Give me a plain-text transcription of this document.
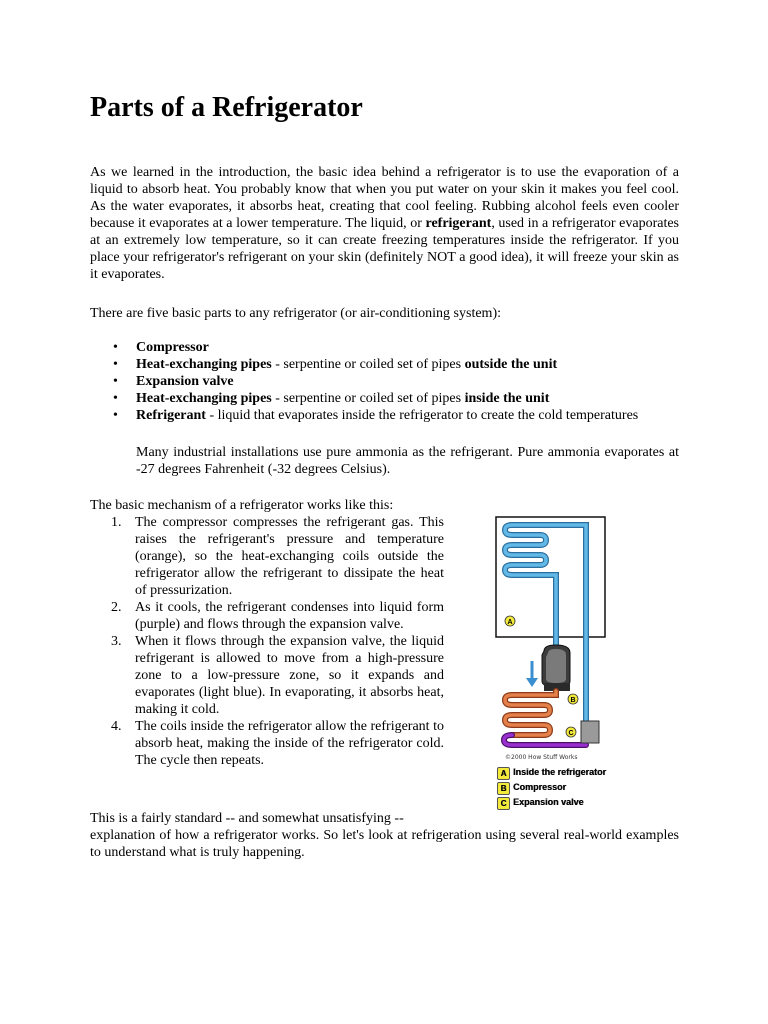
Parts of a Refrigerator

As we learned in the introduction, the basic idea behind a refrigerator is to use the evaporation of a liquid to absorb heat. You probably know that when you put water on your skin it makes you feel cool. As the water evaporates, it absorbs heat, creating that cool feeling. Rubbing alcohol feels even cooler because it evaporates at a lower temperature. The liquid, or refrigerant, used in a refrigerator evaporates at an extremely low temperature, so it can create freezing temperatures inside the refrigerator. If you place your refrigerator's refrigerant on your skin (definitely NOT a good idea), it will freeze your skin as it evaporates.

There are five basic parts to any refrigerator (or air-conditioning system):

• Compressor
• Heat-exchanging pipes - serpentine or coiled set of pipes outside the unit
• Expansion valve
• Heat-exchanging pipes - serpentine or coiled set of pipes inside the unit
• Refrigerant - liquid that evaporates inside the refrigerator to create the cold temperatures

Many industrial installations use pure ammonia as the refrigerant. Pure ammonia evaporates at -27 degrees Fahrenheit (-32 degrees Celsius).

The basic mechanism of a refrigerator works like this:

1. The compressor compresses the refrigerant gas. This raises the refrigerant's pressure and temperature (orange), so the heat-exchanging coils outside the refrigerator allow the refrigerant to dissipate the heat of pressurization.
2. As it cools, the refrigerant condenses into liquid form (purple) and flows through the expansion valve.
3. When it flows through the expansion valve, the liquid refrigerant is allowed to move from a high-pressure zone to a low-pressure zone, so it expands and evaporates (light blue). In evaporating, it absorbs heat, making it cold.
4. The coils inside the refrigerator allow the refrigerant to absorb heat, making the inside of the refrigerator cold. The cycle then repeats.
A
B
C
©2000 How Stuff Works
A Inside the refrigerator
B Compressor
C Expansion valve

This is a fairly standard -- and somewhat unsatisfying --

explanation of how a refrigerator works. So let's look at refrigeration using several real-world examples to understand what is truly happening.
